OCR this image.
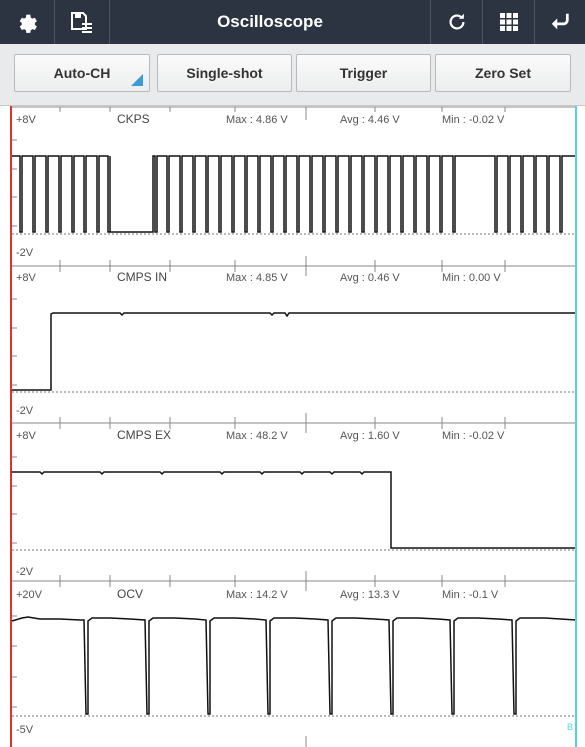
Oscilloscope
Auto-CH	Single-shot	Trigger	Zero Set
+8V	CKPS	Max : 4.86 V	Avg : 4.46 V	Min : -0.02 V
-2V
+8V	CMPS IN	Max : 4.85 V	Avg : 0.46 V	Min : 0.00 V
-2V
+8V	CMPS EX	Max : 48.2 V	Avg : 1.60 V	Min : -0.02 V
-2V
+20V	OCV	Max : 14.2 V	Avg : 13.3 V	Min : -0.1 V
-5V	B
